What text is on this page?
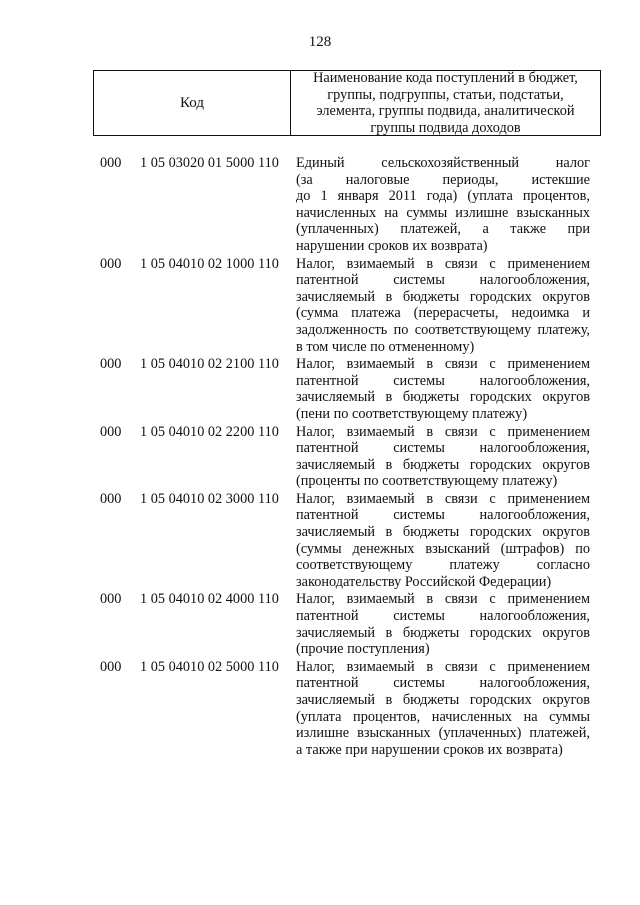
128
Код
Наименование кода поступлений в бюджет, группы, подгруппы, статьи, подстатьи, элемента, группы подвида, аналитической группы подвида доходов
000	1 05 03020 01 5000 110	Единый сельскохозяйственный налог
(за налоговые периоды, истекшие
до 1 января 2011 года) (уплата процентов,
начисленных на суммы излишне взысканных
(уплаченных) платежей, а также при
нарушении сроков их возврата)
000	1 05 04010 02 1000 110	Налог, взимаемый в связи с применением
патентной системы налогообложения,
зачисляемый в бюджеты городских округов
(сумма платежа (перерасчеты, недоимка и
задолженность по соответствующему платежу,
в том числе по отмененному)
000	1 05 04010 02 2100 110	Налог, взимаемый в связи с применением
патентной системы налогообложения,
зачисляемый в бюджеты городских округов
(пени по соответствующему платежу)
000	1 05 04010 02 2200 110	Налог, взимаемый в связи с применением
патентной системы налогообложения,
зачисляемый в бюджеты городских округов
(проценты по соответствующему платежу)
000	1 05 04010 02 3000 110	Налог, взимаемый в связи с применением
патентной системы налогообложения,
зачисляемый в бюджеты городских округов
(суммы денежных взысканий (штрафов) по
соответствующему платежу согласно
законодательству Российской Федерации)
000	1 05 04010 02 4000 110	Налог, взимаемый в связи с применением
патентной системы налогообложения,
зачисляемый в бюджеты городских округов
(прочие поступления)
000	1 05 04010 02 5000 110	Налог, взимаемый в связи с применением
патентной системы налогообложения,
зачисляемый в бюджеты городских округов
(уплата процентов, начисленных на суммы
излишне взысканных (уплаченных) платежей,
а также при нарушении сроков их возврата)
